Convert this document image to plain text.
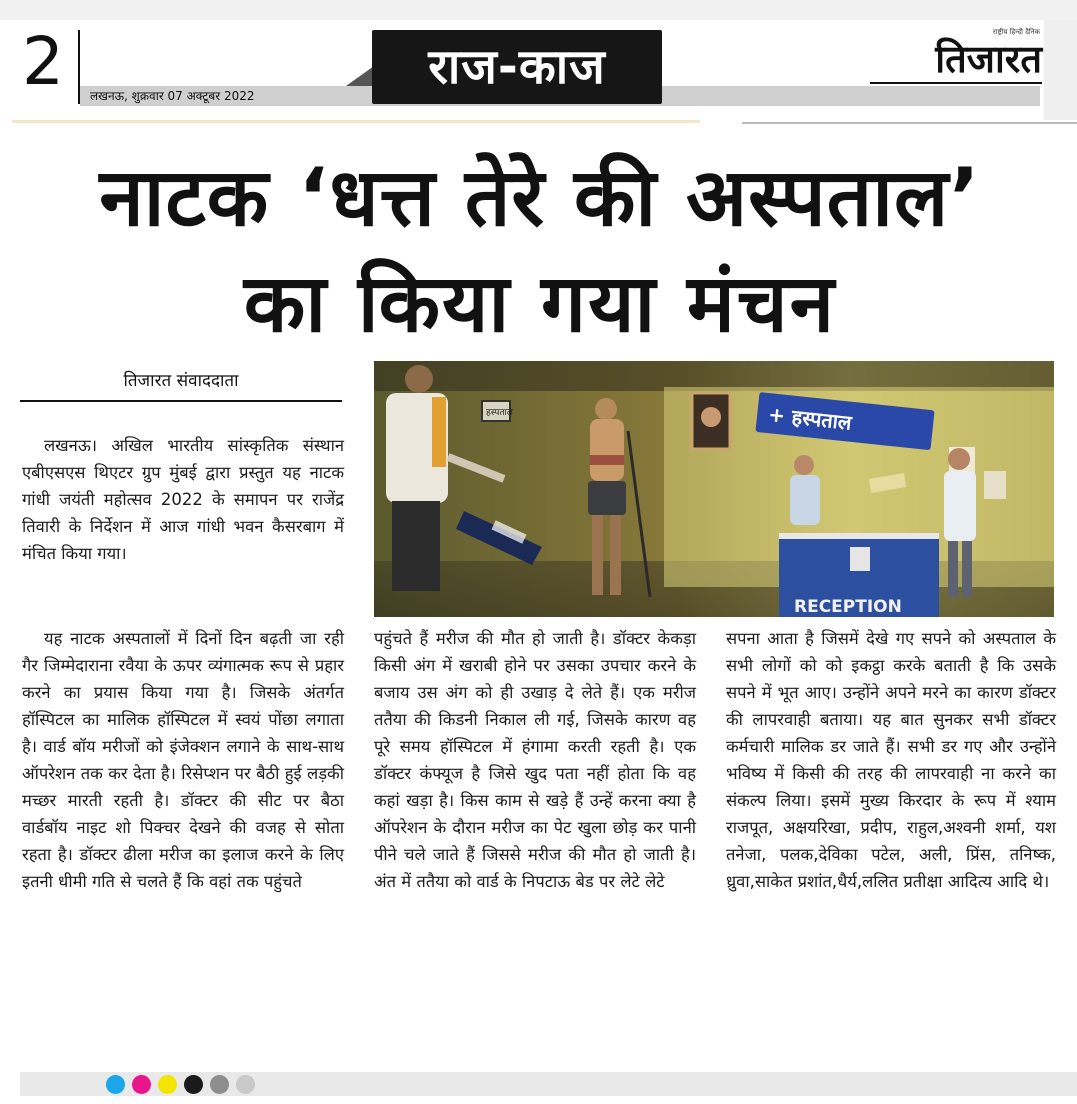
2 लखनऊ, शुक्रवार 07 अक्टूबर 2022
राज-काज
राष्ट्रीय हिन्दी दैनिक
तिजारत
नाटक ‘धत्त तेरे की अस्पताल’
का किया गया मंचन
तिजारत संवाददाता
हस्पताल	+ हस्पताल
RECEPTION
लखनऊ। अखिल भारतीय सांस्कृतिक संस्थान एबीएसएस थिएटर ग्रुप मुंबई द्वारा प्रस्तुत यह नाटक गांधी जयंती महोत्सव 2022 के समापन पर राजेंद्र तिवारी के निर्देशन में आज गांधी भवन कैसरबाग में मंचित किया गया।
यह नाटक अस्पतालों में दिनों दिन बढ़ती जा रही गैर जिम्मेदाराना रवैया के ऊपर व्यंगात्मक रूप से प्रहार करने का प्रयास किया गया है। जिसके अंतर्गत हॉस्पिटल का मालिक हॉस्पिटल में स्वयं पोंछा लगाता है। वार्ड बॉय मरीजों को इंजेक्शन लगाने के साथ-साथ ऑपरेशन तक कर देता है। रिसेप्शन पर बैठी हुई लड़की मच्छर मारती रहती है। डॉक्टर की सीट पर बैठा वार्डबॉय नाइट शो पिक्चर देखने की वजह से सोता रहता है। डॉक्टर ढीला मरीज का इलाज करने के लिए इतनी धीमी गति से चलते हैं कि वहां तक पहुंचते
पहुंचते हैं मरीज की मौत हो जाती है। डॉक्टर केकड़ा किसी अंग में खराबी होने पर उसका उपचार करने के बजाय उस अंग को ही उखाड़ दे लेते हैं। एक मरीज ततैया की किडनी निकाल ली गई, जिसके कारण वह पूरे समय हॉस्पिटल में हंगामा करती रहती है। एक डॉक्टर कंफ्यूज है जिसे खुद पता नहीं होता कि वह कहां खड़ा है। किस काम से खड़े हैं उन्हें करना क्या है ऑपरेशन के दौरान मरीज का पेट खुला छोड़ कर पानी पीने चले जाते हैं जिससे मरीज की मौत हो जाती है। अंत में ततैया को वार्ड के निपटाऊ बेड पर लेटे लेटे
सपना आता है जिसमें देखे गए सपने को अस्पताल के सभी लोगों को को इकट्ठा करके बताती है कि उसके सपने में भूत आए। उन्होंने अपने मरने का कारण डॉक्टर की लापरवाही बताया। यह बात सुनकर सभी डॉक्टर कर्मचारी मालिक डर जाते हैं। सभी डर गए और उन्होंने भविष्य में किसी की तरह की लापरवाही ना करने का संकल्प लिया। इसमें मुख्य किरदार के रूप में श्याम राजपूत, अक्षयरिखा, प्रदीप, राहुल,अश्वनी शर्मा, यश तनेजा, पलक,देविका पटेल, अली, प्रिंस, तनिष्क, ध्रुवा,साकेत प्रशांत,धैर्य,ललित प्रतीक्षा आदित्य आदि थे।
